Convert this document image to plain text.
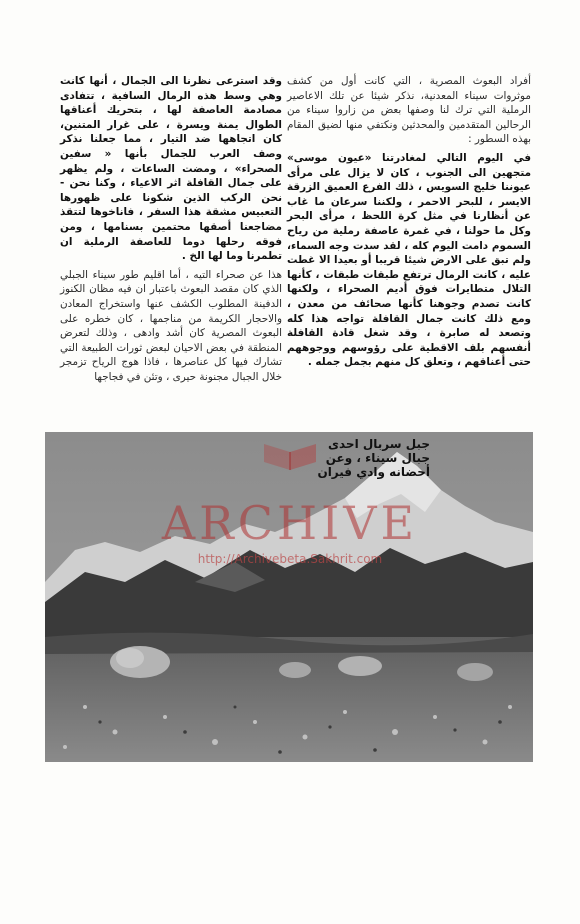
أفراد البعوث المصرية ، التي كانت أول من كشف موثروات سيناء المعدنية، نذكر شيئا عن تلك الاعاصير الرملية التي ترك لنا وصفها بعض من زاروا سيناء من الرحالين المتقدمين والمحدثين ونكتفي منها لضيق المقام بهذه السطور :

في اليوم التالي لمغادرتنا «عيون موسى» متجهين الى الجنوب ، كان لا يزال على مرأى عيوننا خليج السويس ، ذلك الفرع العميق الزرقة الايسر ، للبحر الاحمر ، ولكننا سرعان ما غاب عن أنظارنا في مثل كرة اللحظ ، مرأى البحر وكل ما حولنا ، في غمرة عاصفة رملية من رياح السموم دامت اليوم كله ، لقد سدت وجه السماء، ولم تبق على الارض شيئا قريبا أو بعيدا الا غطت عليه ، كانت الرمال ترتفع طبقات طبقات ، كأنها التلال متطايرات فوق أديم الصحراء ، ولكنها كانت تصدم وجوهنا كأنها صحائف من معدن ، ومع ذلك كانت جمال القافلة تواجه هذا كله وتصعد له صابرة ، وقد شغل قادة القافلة أنفسهم بلف الاقطية على رؤوسهم ووجوههم حتى أعناقهم ، وتعلق كل منهم بجمل جمله .

وقد استرعى نظرنا الى الجمال ، أنها كانت وهي وسط هذه الرمال السافية ، تتفادى مصادمة العاصفة لها ، بتحريك أعناقها الطوال يمنة ويسرة ، على غرار المتنين، كان اتجاهها ضد التيار ، مما جعلنا نذكر وصف العرب للجمال بأنها « سفين الصحراء» ، ومضت الساعات ، ولم يظهر على جمال القافلة اثر الاعياء ، وكنا نحن - نحن الركب الذين شكونا على ظهورها التعبيس مشقة هذا السفر ، فاناخوها لتتقذ مضاجعنا أصقها محتمين بسنامها ، ومن فوقه رحلها دوما للعاصفة الرملية ان تطمرنا وما لها الخ .

هذا عن صحراء التيه ، أما اقليم طور سيناء الجبلي الذي كان مقصد البعوث باعتبار ان فيه مظان الكنوز الدفينة المطلوب الكشف عنها واستخراج المعادن والاحجار الكريمة من مناجمها ، كان خطره على البعوث المصرية كان أشد وادهى ، وذلك لتعرض المنطقة في بعض الاحيان لبعض ثورات الطبيعة التي تشارك فيها كل عناصرها ، فاذا هوج الرياح تزمجر خلال الجبال مجنونة حيرى ، وتئن في فجاجها

جبل سربال احدى
جبال سيناء ، وعن
أحضانه وادي فيران
ARCHIVE
http://Archivebeta.Sakhrit.com
